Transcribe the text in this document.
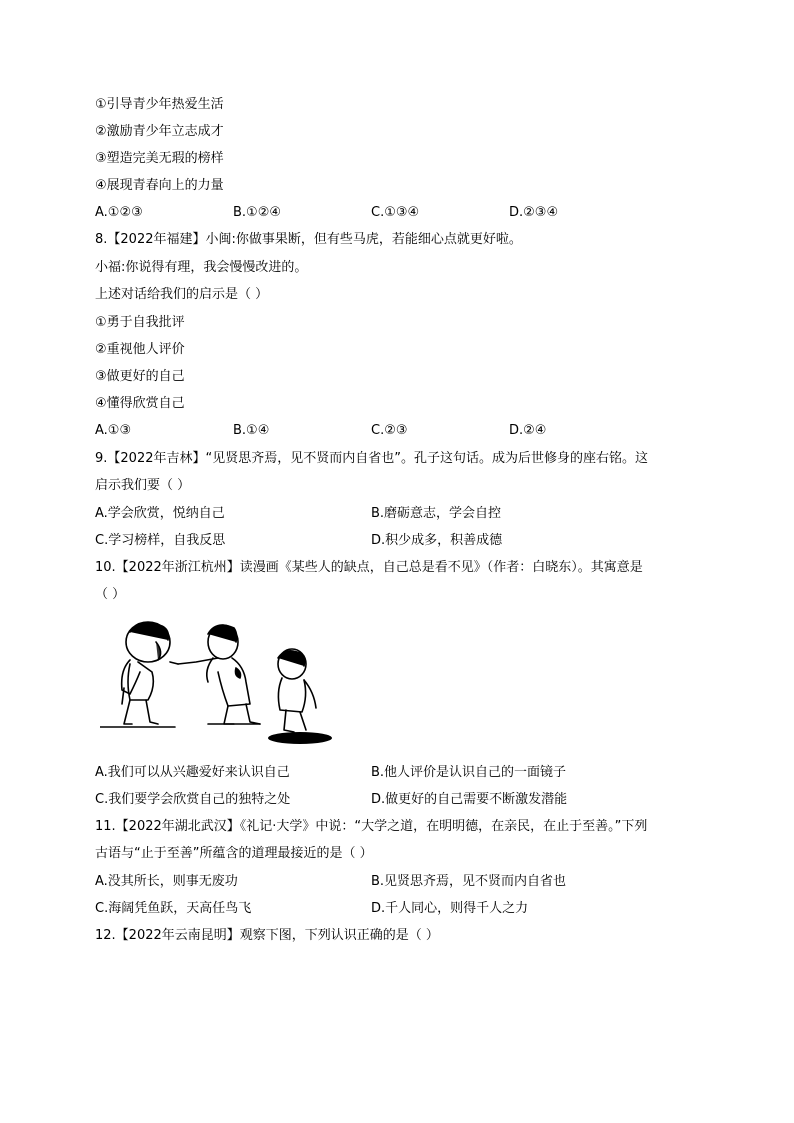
①引导青少年热爱生活
②激励青少年立志成才
③塑造完美无瑕的榜样
④展现青春向上的力量
A.①②③	B.①②④	C.①③④	D.②③④
8.【2022年福建】小闽:你做事果断，但有些马虎，若能细心点就更好啦。
小福:你说得有理，我会慢慢改进的。
上述对话给我们的启示是（ ）
①勇于自我批评
②重视他人评价
③做更好的自己
④懂得欣赏自己
A.①③	B.①④	C.②③	D.②④
9.【2022年吉林】“见贤思齐焉，见不贤而内自省也”。孔子这句话。成为后世修身的座右铭。这
启示我们要（ ）
A.学会欣赏，悦纳自己	B.磨砺意志，学会自控
C.学习榜样，自我反思	D.积少成多，积善成德
10.【2022年浙江杭州】读漫画《某些人的缺点，自己总是看不见》（作者：白晓东）。其寓意是
（ ）
A.我们可以从兴趣爱好来认识自己	B.他人评价是认识自己的一面镜子
C.我们要学会欣赏自己的独特之处	D.做更好的自己需要不断激发潜能
11.【2022年湖北武汉】《礼记·大学》中说：“大学之道，在明明德，在亲民，在止于至善。”下列
古语与“止于至善”所蕴含的道理最接近的是（ ）
A.没其所长，则事无废功	B.见贤思齐焉，见不贤而内自省也
C.海阔凭鱼跃，天高任鸟飞	D.千人同心，则得千人之力
12.【2022年云南昆明】观察下图，下列认识正确的是（ ）
